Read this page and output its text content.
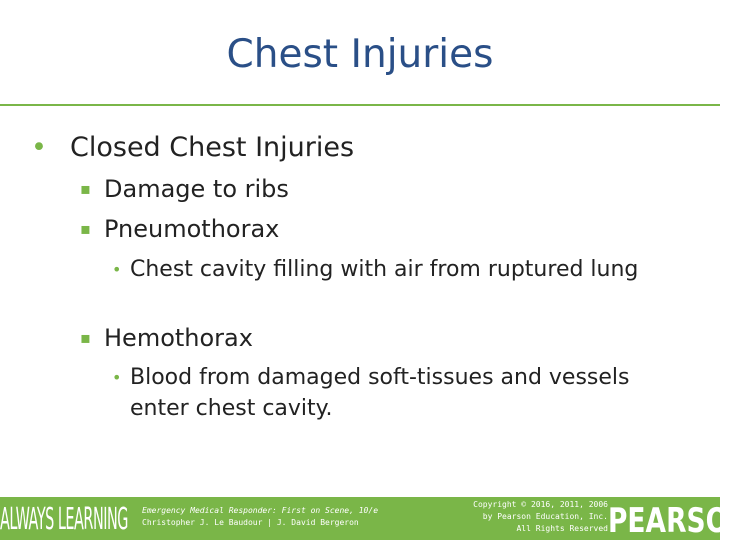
Chest Injuries
• Closed Chest Injuries
▪ Damage to ribs
▪ Pneumothorax
• Chest cavity filling with air from ruptured lung
▪ Hemothorax
• Blood from damaged soft-tissues and vessels enter chest cavity.
ALWAYS LEARNING Emergency Medical Responder: First on Scene, 10/e
Christopher J. Le Baudour | J. David Bergeron
Copyright © 2016, 2011, 2006
by Pearson Education, Inc.
All Rights Reserved PEARSON
